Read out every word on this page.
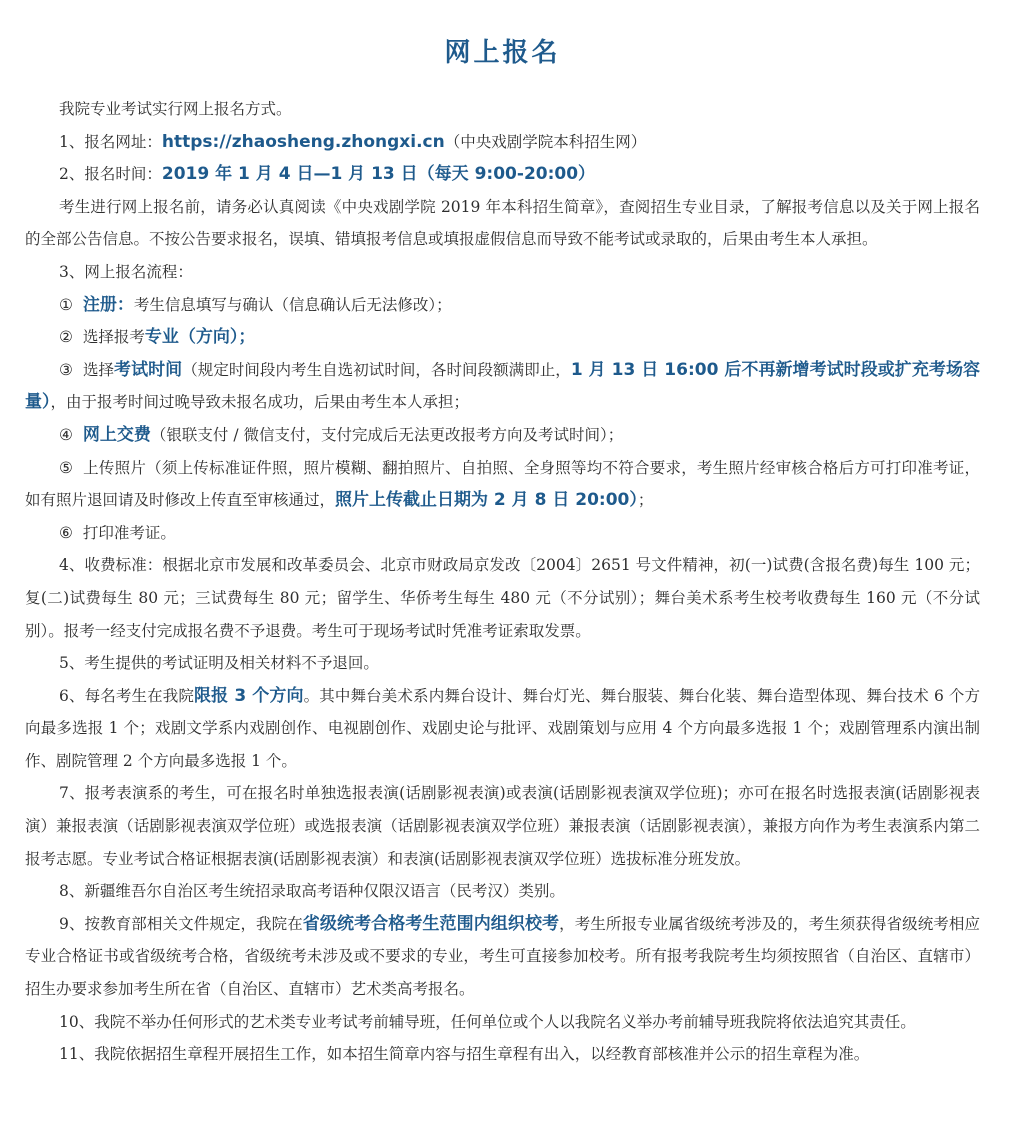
网上报名

我院专业考试实行网上报名方式。

1、报名网址：https://zhaosheng.zhongxi.cn（中央戏剧学院本科招生网）

2、报名时间：2019 年 1 月 4 日—1 月 13 日（每天 9:00-20:00）

考生进行网上报名前，请务必认真阅读《中央戏剧学院 2019 年本科招生简章》，查阅招生专业目录，了解报考信息以及关于网上报名的全部公告信息。不按公告要求报名，误填、错填报考信息或填报虚假信息而导致不能考试或录取的，后果由考生本人承担。

3、网上报名流程：

① 注册：考生信息填写与确认（信息确认后无法修改）；

② 选择报考专业（方向）；

③ 选择考试时间（规定时间段内考生自选初试时间，各时间段额满即止，1 月 13 日 16:00 后不再新增考试时段或扩充考场容量），由于报考时间过晚导致未报名成功，后果由考生本人承担；

④ 网上交费（银联支付 / 微信支付，支付完成后无法更改报考方向及考试时间）；

⑤ 上传照片（须上传标准证件照，照片模糊、翻拍照片、自拍照、全身照等均不符合要求，考生照片经审核合格后方可打印准考证，如有照片退回请及时修改上传直至审核通过，照片上传截止日期为 2 月 8 日 20:00）；

⑥ 打印准考证。

4、收费标准：根据北京市发展和改革委员会、北京市财政局京发改〔2004〕2651 号文件精神，初(一)试费(含报名费)每生 100 元；复(二)试费每生 80 元；三试费每生 80 元；留学生、华侨考生每生 480 元（不分试别）；舞台美术系考生校考收费每生 160 元（不分试别）。报考一经支付完成报名费不予退费。考生可于现场考试时凭准考证索取发票。

5、考生提供的考试证明及相关材料不予退回。

6、每名考生在我院限报 3 个方向。其中舞台美术系内舞台设计、舞台灯光、舞台服装、舞台化装、舞台造型体现、舞台技术 6 个方向最多选报 1 个；戏剧文学系内戏剧创作、电视剧创作、戏剧史论与批评、戏剧策划与应用 4 个方向最多选报 1 个；戏剧管理系内演出制作、剧院管理 2 个方向最多选报 1 个。

7、报考表演系的考生，可在报名时单独选报表演(话剧影视表演)或表演(话剧影视表演双学位班)；亦可在报名时选报表演(话剧影视表演）兼报表演（话剧影视表演双学位班）或选报表演（话剧影视表演双学位班）兼报表演（话剧影视表演），兼报方向作为考生表演系内第二报考志愿。专业考试合格证根据表演(话剧影视表演）和表演(话剧影视表演双学位班）选拔标准分班发放。

8、新疆维吾尔自治区考生统招录取高考语种仅限汉语言（民考汉）类别。

9、按教育部相关文件规定，我院在省级统考合格考生范围内组织校考，考生所报专业属省级统考涉及的，考生须获得省级统考相应专业合格证书或省级统考合格，省级统考未涉及或不要求的专业，考生可直接参加校考。所有报考我院考生均须按照省（自治区、直辖市）招生办要求参加考生所在省（自治区、直辖市）艺术类高考报名。

10、我院不举办任何形式的艺术类专业考试考前辅导班，任何单位或个人以我院名义举办考前辅导班我院将依法追究其责任。

11、我院依据招生章程开展招生工作，如本招生简章内容与招生章程有出入，以经教育部核准并公示的招生章程为准。
